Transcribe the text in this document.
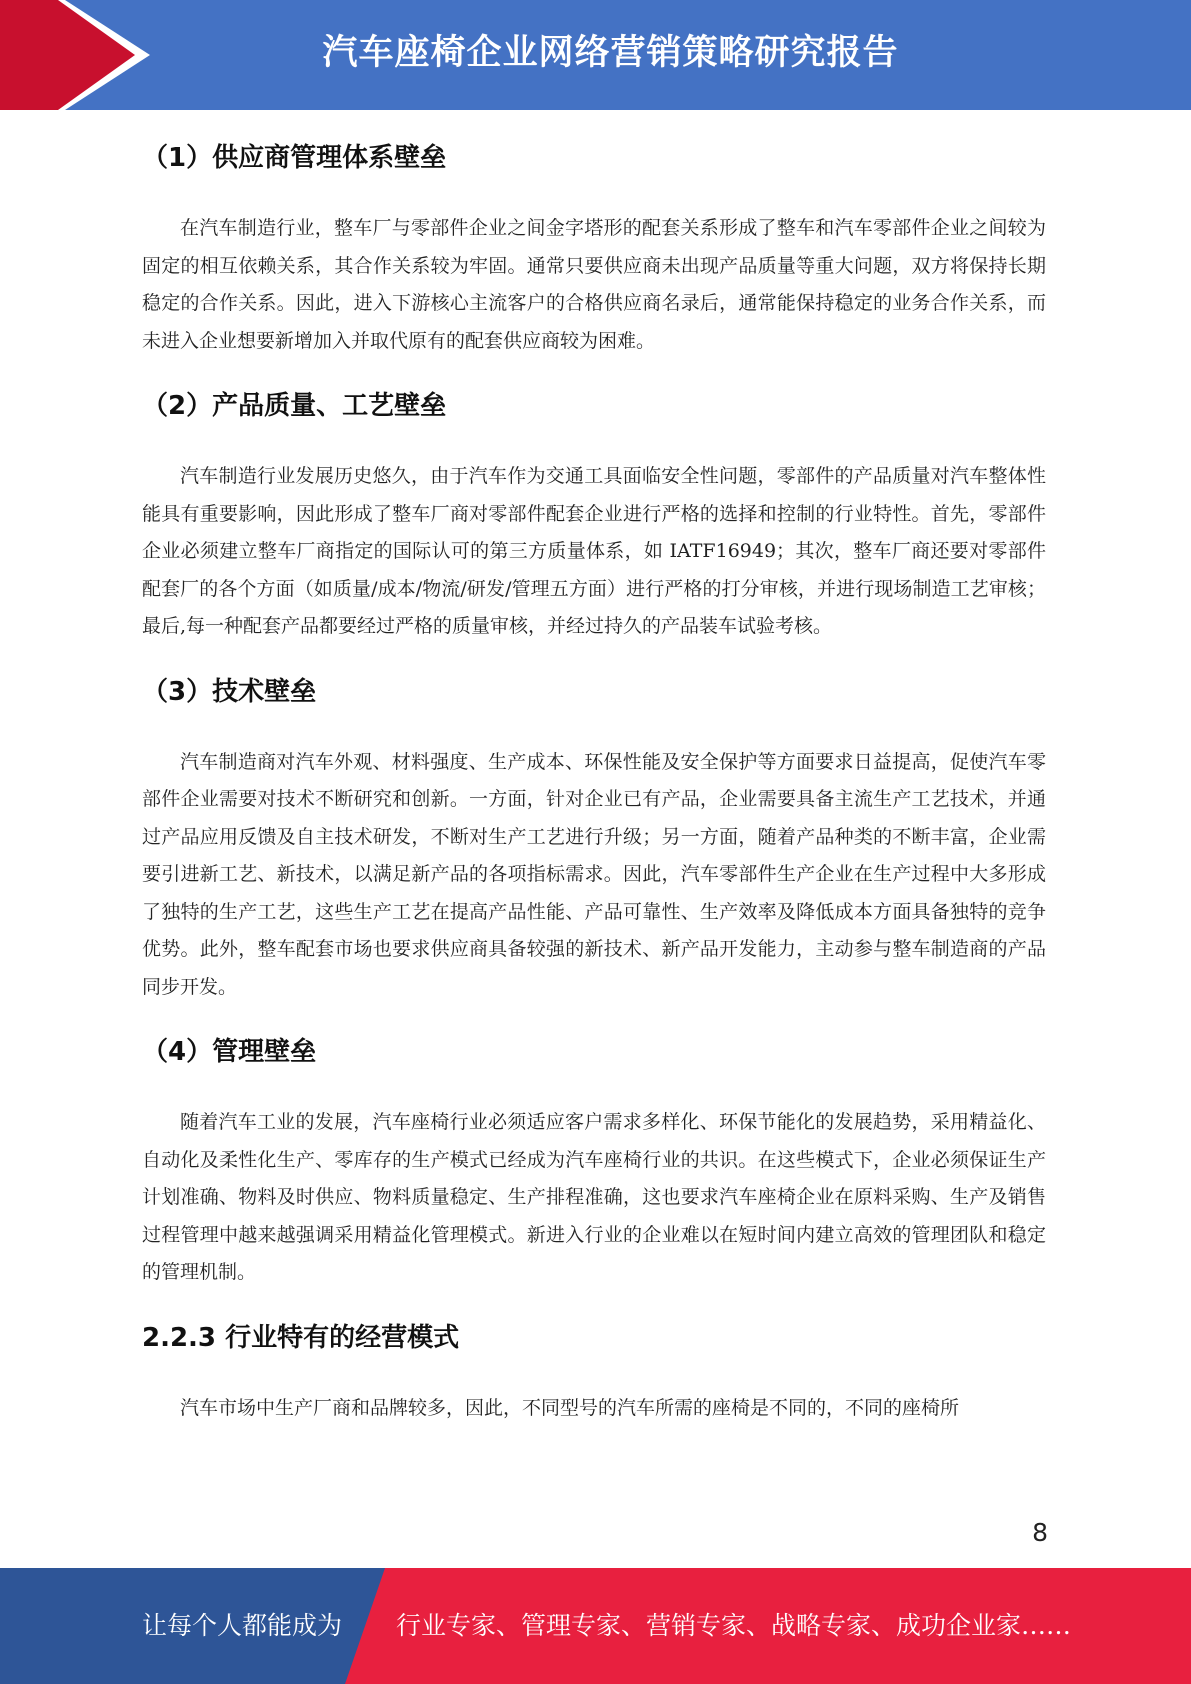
汽车座椅企业网络营销策略研究报告
（1）供应商管理体系壁垒

在汽车制造行业，整车厂与零部件企业之间金字塔形的配套关系形成了整车和汽车零部件企业之间较为固定的相互依赖关系，其合作关系较为牢固。通常只要供应商未出现产品质量等重大问题，双方将保持长期稳定的合作关系。因此，进入下游核心主流客户的合格供应商名录后，通常能保持稳定的业务合作关系，而未进入企业想要新增加入并取代原有的配套供应商较为困难。

（2）产品质量、工艺壁垒

汽车制造行业发展历史悠久，由于汽车作为交通工具面临安全性问题，零部件的产品质量对汽车整体性能具有重要影响，因此形成了整车厂商对零部件配套企业进行严格的选择和控制的行业特性。首先，零部件企业必须建立整车厂商指定的国际认可的第三方质量体系，如 IATF16949；其次，整车厂商还要对零部件配套厂的各个方面（如质量/成本/物流/研发/管理五方面）进行严格的打分审核，并进行现场制造工艺审核；最后,每一种配套产品都要经过严格的质量审核，并经过持久的产品装车试验考核。

（3）技术壁垒

汽车制造商对汽车外观、材料强度、生产成本、环保性能及安全保护等方面要求日益提高，促使汽车零部件企业需要对技术不断研究和创新。一方面，针对企业已有产品，企业需要具备主流生产工艺技术，并通过产品应用反馈及自主技术研发，不断对生产工艺进行升级；另一方面，随着产品种类的不断丰富，企业需要引进新工艺、新技术，以满足新产品的各项指标需求。因此，汽车零部件生产企业在生产过程中大多形成了独特的生产工艺，这些生产工艺在提高产品性能、产品可靠性、生产效率及降低成本方面具备独特的竞争优势。此外，整车配套市场也要求供应商具备较强的新技术、新产品开发能力，主动参与整车制造商的产品同步开发。

（4）管理壁垒

随着汽车工业的发展，汽车座椅行业必须适应客户需求多样化、环保节能化的发展趋势，采用精益化、自动化及柔性化生产、零库存的生产模式已经成为汽车座椅行业的共识。在这些模式下，企业必须保证生产计划准确、物料及时供应、物料质量稳定、生产排程准确，这也要求汽车座椅企业在原料采购、生产及销售过程管理中越来越强调采用精益化管理模式。新进入行业的企业难以在短时间内建立高效的管理团队和稳定的管理机制。

2.2.3 行业特有的经营模式

汽车市场中生产厂商和品牌较多，因此，不同型号的汽车所需的座椅是不同的，不同的座椅所

8
让每个人都能成为 行业专家、管理专家、营销专家、战略专家、成功企业家……
